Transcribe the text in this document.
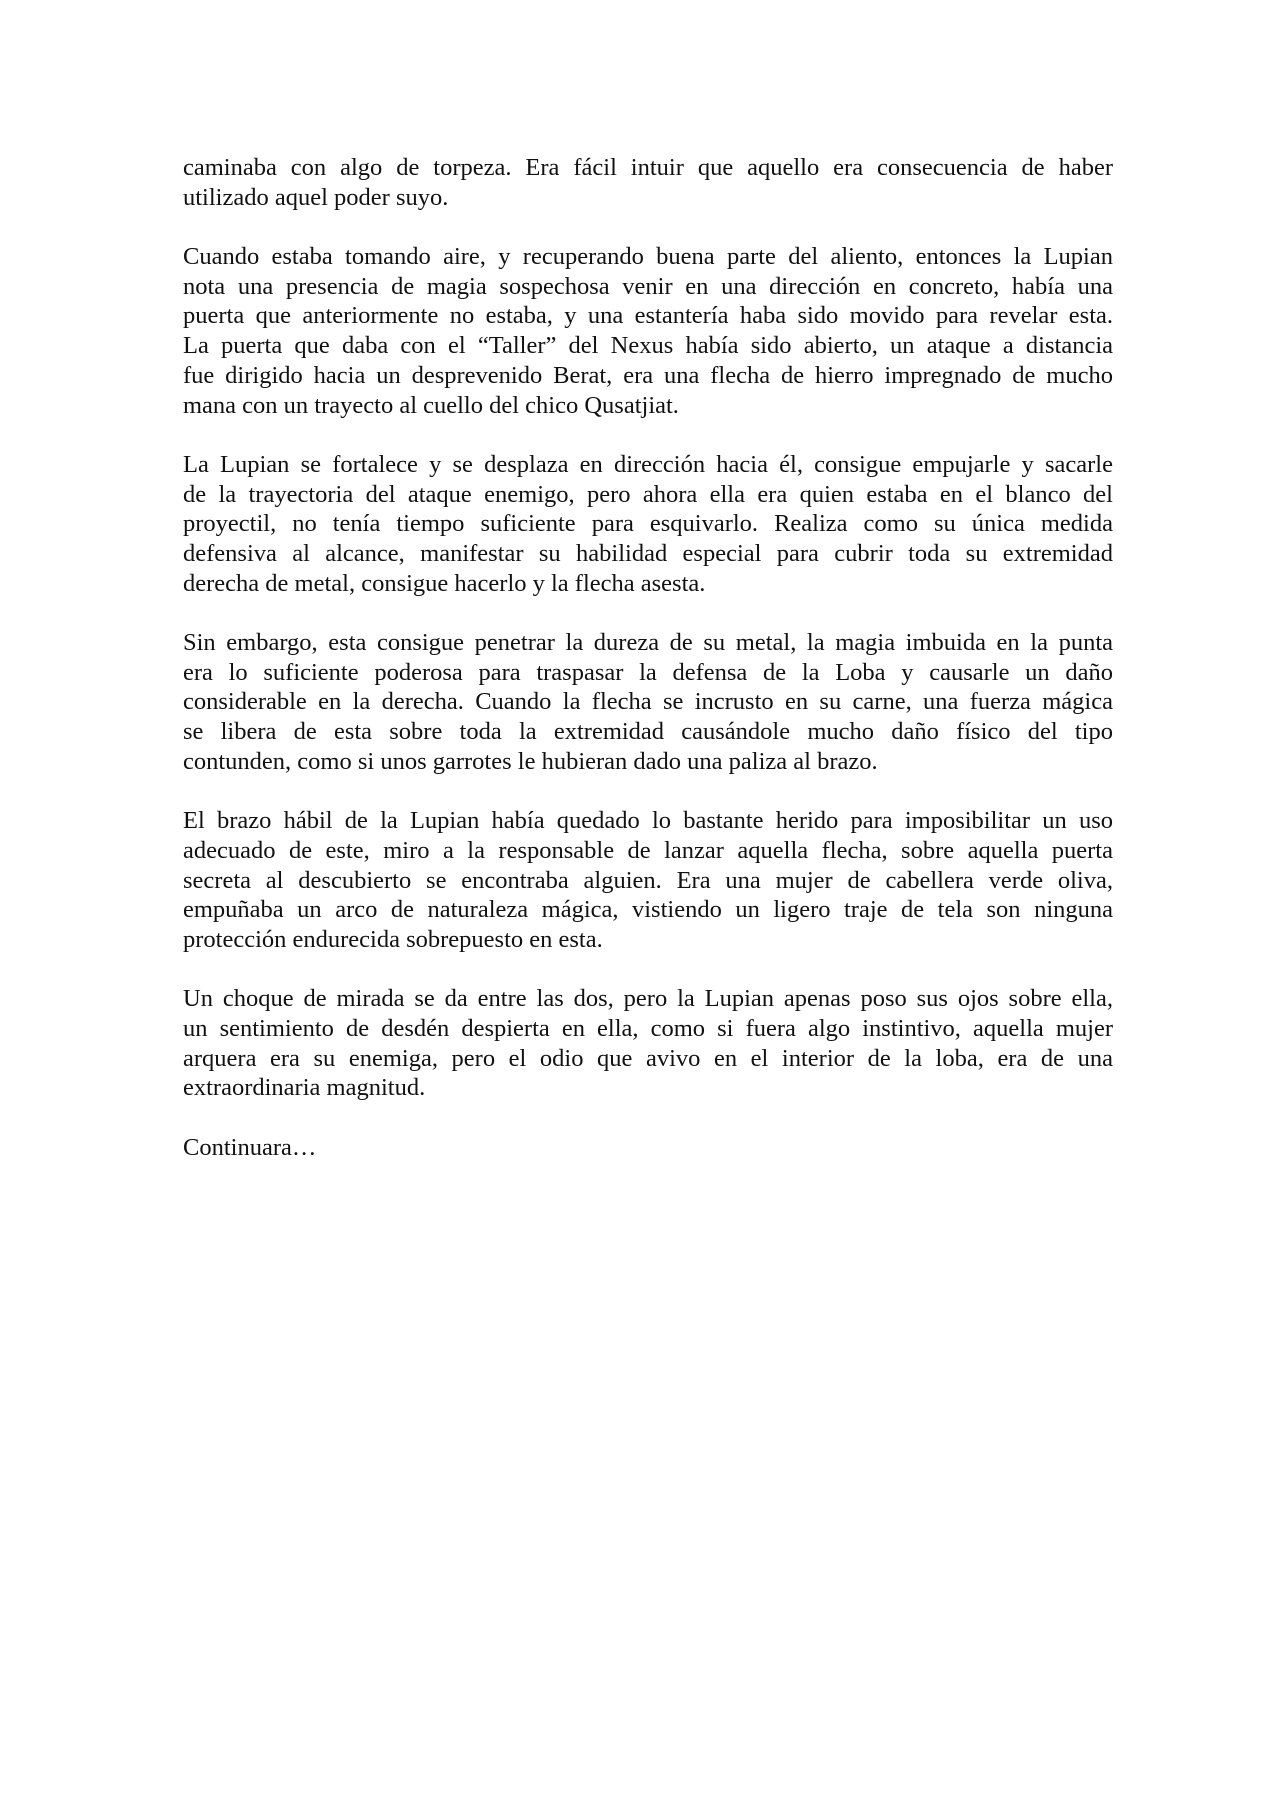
caminaba con algo de torpeza. Era fácil intuir que aquello era consecuencia de haber
utilizado aquel poder suyo.

Cuando estaba tomando aire, y recuperando buena parte del aliento, entonces la Lupian
nota una presencia de magia sospechosa venir en una dirección en concreto, había una
puerta que anteriormente no estaba, y una estantería haba sido movido para revelar esta.
La puerta que daba con el “Taller” del Nexus había sido abierto, un ataque a distancia
fue dirigido hacia un desprevenido Berat, era una flecha de hierro impregnado de mucho
mana con un trayecto al cuello del chico Qusatjiat.

La Lupian se fortalece y se desplaza en dirección hacia él, consigue empujarle y sacarle
de la trayectoria del ataque enemigo, pero ahora ella era quien estaba en el blanco del
proyectil, no tenía tiempo suficiente para esquivarlo. Realiza como su única medida
defensiva al alcance, manifestar su habilidad especial para cubrir toda su extremidad
derecha de metal, consigue hacerlo y la flecha asesta.

Sin embargo, esta consigue penetrar la dureza de su metal, la magia imbuida en la punta
era lo suficiente poderosa para traspasar la defensa de la Loba y causarle un daño
considerable en la derecha. Cuando la flecha se incrusto en su carne, una fuerza mágica
se libera de esta sobre toda la extremidad causándole mucho daño físico del tipo
contunden, como si unos garrotes le hubieran dado una paliza al brazo.

El brazo hábil de la Lupian había quedado lo bastante herido para imposibilitar un uso
adecuado de este, miro a la responsable de lanzar aquella flecha, sobre aquella puerta
secreta al descubierto se encontraba alguien. Era una mujer de cabellera verde oliva,
empuñaba un arco de naturaleza mágica, vistiendo un ligero traje de tela son ninguna
protección endurecida sobrepuesto en esta.

Un choque de mirada se da entre las dos, pero la Lupian apenas poso sus ojos sobre ella,
un sentimiento de desdén despierta en ella, como si fuera algo instintivo, aquella mujer
arquera era su enemiga, pero el odio que avivo en el interior de la loba, era de una
extraordinaria magnitud.

Continuara…
